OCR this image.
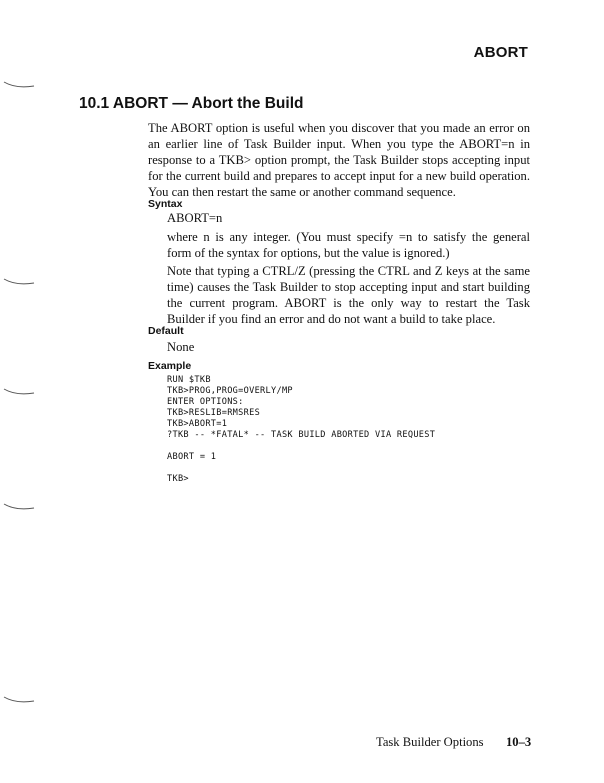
ABORT
10.1 ABORT — Abort the Build
The ABORT option is useful when you discover that you made an error on
an earlier line of Task Builder input. When you type the ABORT=n in
response to a TKB> option prompt, the Task Builder stops accepting input
for the current build and prepares to accept input for a new build operation.
You can then restart the same or another command sequence.
Syntax
ABORT=n
where n is any integer. (You must specify =n to satisfy the general
form of the syntax for options, but the value is ignored.)
Note that typing a CTRL/Z (pressing the CTRL and Z keys at the same
time) causes the Task Builder to stop accepting input and start building
the current program. ABORT is the only way to restart the Task
Builder if you find an error and do not want a build to take place.
Default
None
Example
RUN $TKB
TKB>PROG,PROG=OVERLY/MP
ENTER OPTIONS:
TKB>RESLIB=RMSRES
TKB>ABORT=1
?TKB -- *FATAL* -- TASK BUILD ABORTED VIA REQUEST
ABORT = 1
TKB>
Task Builder Options 10–3
